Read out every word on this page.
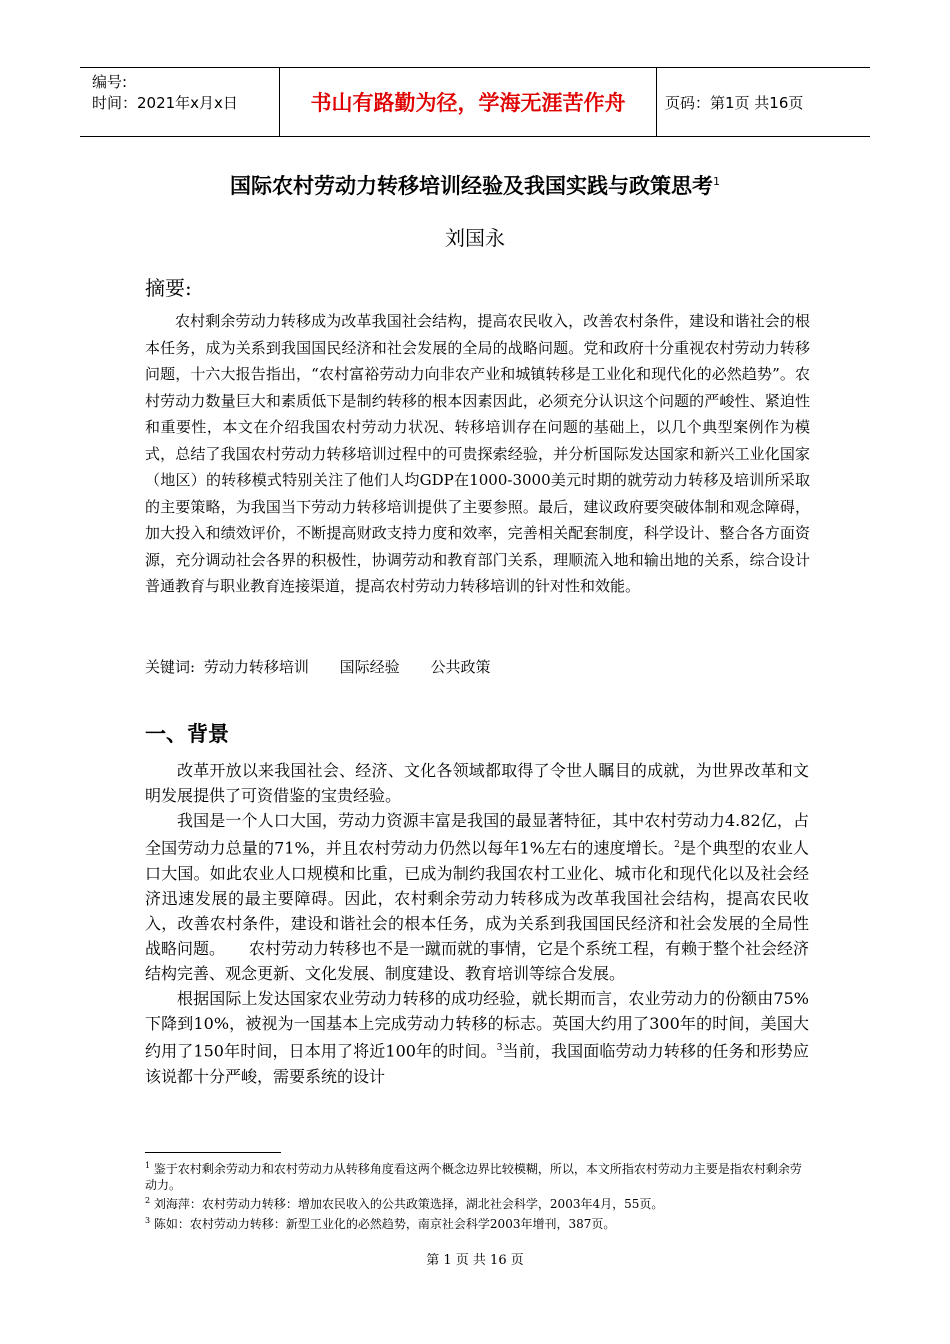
编号:
时间：2021年x月x日	书山有路勤为径，学海无涯苦作舟	页码：第1页 共16页
国际农村劳动力转移培训经验及我国实践与政策思考$^1$
刘国永
摘要:
农村剩余劳动力转移成为改革我国社会结构，提高农民收入，改善农村条件，建设和谐社会的根本任务，成为关系到我国国民经济和社会发展的全局的战略问题。党和政府十分重视农村劳动力转移问题，十六大报告指出，“农村富裕劳动力向非农产业和城镇转移是工业化和现代化的必然趋势”。农村劳动力数量巨大和素质低下是制约转移的根本因素因此，必须充分认识这个问题的严峻性、紧迫性和重要性，本文在介绍我国农村劳动力状况、转移培训存在问题的基础上，以几个典型案例作为模式，总结了我国农村劳动力转移培训过程中的可贵探索经验，并分析国际发达国家和新兴工业化国家（地区）的转移模式特别关注了他们人均GDP在1000-3000美元时期的就劳动力转移及培训所采取的主要策略，为我国当下劳动力转移培训提供了主要参照。最后，建议政府要突破体制和观念障碍，加大投入和绩效评价，不断提高财政支持力度和效率，完善相关配套制度，科学设计、整合各方面资源，充分调动社会各界的积极性，协调劳动和教育部门关系，理顺流入地和输出地的关系，综合设计普通教育与职业教育连接渠道，提高农村劳动力转移培训的针对性和效能。
关键词: 劳动力转移培训 国际经验 公共政策
一、背景

改革开放以来我国社会、经济、文化各领域都取得了令世人瞩目的成就，为世界改革和文明发展提供了可资借鉴的宝贵经验。

我国是一个人口大国，劳动力资源丰富是我国的最显著特征，其中农村劳动力4.82亿，占全国劳动力总量的71%，并且农村劳动力仍然以每年1%左右的速度增长。$^2$是个典型的农业人口大国。如此农业人口规模和比重，已成为制约我国农村工业化、城市化和现代化以及社会经济迅速发展的最主要障碍。因此，农村剩余劳动力转移成为改革我国社会结构，提高农民收入，改善农村条件，建设和谐社会的根本任务，成为关系到我国国民经济和社会发展的全局性战略问题。　　农村劳动力转移也不是一蹴而就的事情，它是个系统工程，有赖于整个社会经济结构完善、观念更新、文化发展、制度建设、教育培训等综合发展。

根据国际上发达国家农业劳动力转移的成功经验，就长期而言，农业劳动力的份额由75%下降到10%，被视为一国基本上完成劳动力转移的标志。英国大约用了300年的时间，美国大约用了150年时间，日本用了将近100年的时间。$^3$当前，我国面临劳动力转移的任务和形势应该说都十分严峻，需要系统的设计

$^1$ 鉴于农村剩余劳动力和农村劳动力从转移角度看这两个概念边界比较模糊，所以，本文所指农村劳动力主要是指农村剩余劳动力。
$^2$ 刘海萍：农村劳动力转移：增加农民收入的公共政策选择，湖北社会科学，2003年4月，55页。
$^3$ 陈如：农村劳动力转移：新型工业化的必然趋势，南京社会科学2003年增刊，387页。
第 1 页 共 16 页
